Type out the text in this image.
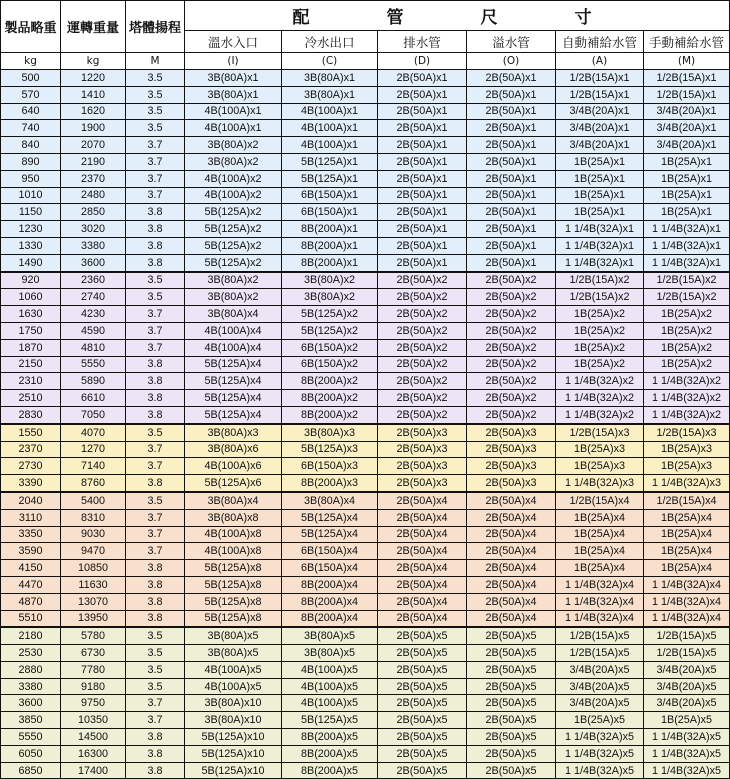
製品略重	運轉重量	塔體揚程	配　管　尺　寸					
			溫水入口	冷水出口	排水管	溢水管	自動補給水管	手動補給水管
kg	kg	M	(I)	(C)	(D)	(O)	(A)	(M)
500	1220	3.5	3B(80A)x1	3B(80A)x1	2B(50A)x1	2B(50A)x1	1/2B(15A)x1	1/2B(15A)x1
570	1410	3.5	3B(80A)x1	3B(80A)x1	2B(50A)x1	2B(50A)x1	1/2B(15A)x1	1/2B(15A)x1
640	1620	3.5	4B(100A)x1	4B(100A)x1	2B(50A)x1	2B(50A)x1	3/4B(20A)x1	3/4B(20A)x1
740	1900	3.5	4B(100A)x1	4B(100A)x1	2B(50A)x1	2B(50A)x1	3/4B(20A)x1	3/4B(20A)x1
840	2070	3.7	3B(80A)x2	4B(100A)x1	2B(50A)x1	2B(50A)x1	3/4B(20A)x1	3/4B(20A)x1
890	2190	3.7	3B(80A)x2	5B(125A)x1	2B(50A)x1	2B(50A)x1	1B(25A)x1	1B(25A)x1
950	2370	3.7	4B(100A)x2	5B(125A)x1	2B(50A)x1	2B(50A)x1	1B(25A)x1	1B(25A)x1
1010	2480	3.7	4B(100A)x2	6B(150A)x1	2B(50A)x1	2B(50A)x1	1B(25A)x1	1B(25A)x1
1150	2850	3.8	5B(125A)x2	6B(150A)x1	2B(50A)x1	2B(50A)x1	1B(25A)x1	1B(25A)x1
1230	3020	3.8	5B(125A)x2	8B(200A)x1	2B(50A)x1	2B(50A)x1	1 1/4B(32A)x1	1 1/4B(32A)x1
1330	3380	3.8	5B(125A)x2	8B(200A)x1	2B(50A)x1	2B(50A)x1	1 1/4B(32A)x1	1 1/4B(32A)x1
1490	3600	3.8	5B(125A)x2	8B(200A)x1	2B(50A)x1	2B(50A)x1	1 1/4B(32A)x1	1 1/4B(32A)x1
920	2360	3.5	3B(80A)x2	3B(80A)x2	2B(50A)x2	2B(50A)x2	1/2B(15A)x2	1/2B(15A)x2
1060	2740	3.5	3B(80A)x2	3B(80A)x2	2B(50A)x2	2B(50A)x2	1/2B(15A)x2	1/2B(15A)x2
1630	4230	3.7	3B(80A)x4	5B(125A)x2	2B(50A)x2	2B(50A)x2	1B(25A)x2	1B(25A)x2
1750	4590	3.7	4B(100A)x4	5B(125A)x2	2B(50A)x2	2B(50A)x2	1B(25A)x2	1B(25A)x2
1870	4810	3.7	4B(100A)x4	6B(150A)x2	2B(50A)x2	2B(50A)x2	1B(25A)x2	1B(25A)x2
2150	5550	3.8	5B(125A)x4	6B(150A)x2	2B(50A)x2	2B(50A)x2	1B(25A)x2	1B(25A)x2
2310	5890	3.8	5B(125A)x4	8B(200A)x2	2B(50A)x2	2B(50A)x2	1 1/4B(32A)x2	1 1/4B(32A)x2
2510	6610	3.8	5B(125A)x4	8B(200A)x2	2B(50A)x2	2B(50A)x2	1 1/4B(32A)x2	1 1/4B(32A)x2
2830	7050	3.8	5B(125A)x4	8B(200A)x2	2B(50A)x2	2B(50A)x2	1 1/4B(32A)x2	1 1/4B(32A)x2
1550	4070	3.5	3B(80A)x3	3B(80A)x3	2B(50A)x3	2B(50A)x3	1/2B(15A)x3	1/2B(15A)x3
2370	1270	3.7	3B(80A)x6	5B(125A)x3	2B(50A)x3	2B(50A)x3	1B(25A)x3	1B(25A)x3
2730	7140	3.7	4B(100A)x6	6B(150A)x3	2B(50A)x3	2B(50A)x3	1B(25A)x3	1B(25A)x3
3390	8760	3.8	5B(125A)x6	8B(200A)x3	2B(50A)x3	2B(50A)x3	1 1/4B(32A)x3	1 1/4B(32A)x3
2040	5400	3.5	3B(80A)x4	3B(80A)x4	2B(50A)x4	2B(50A)x4	1/2B(15A)x4	1/2B(15A)x4
3110	8310	3.7	3B(80A)x8	5B(125A)x4	2B(50A)x4	2B(50A)x4	1B(25A)x4	1B(25A)x4
3350	9030	3.7	4B(100A)x8	5B(125A)x4	2B(50A)x4	2B(50A)x4	1B(25A)x4	1B(25A)x4
3590	9470	3.7	4B(100A)x8	6B(150A)x4	2B(50A)x4	2B(50A)x4	1B(25A)x4	1B(25A)x4
4150	10850	3.8	5B(125A)x8	6B(150A)x4	2B(50A)x4	2B(50A)x4	1B(25A)x4	1B(25A)x4
4470	11630	3.8	5B(125A)x8	8B(200A)x4	2B(50A)x4	2B(50A)x4	1 1/4B(32A)x4	1 1/4B(32A)x4
4870	13070	3.8	5B(125A)x8	8B(200A)x4	2B(50A)x4	2B(50A)x4	1 1/4B(32A)x4	1 1/4B(32A)x4
5510	13950	3.8	5B(125A)x8	8B(200A)x4	2B(50A)x4	2B(50A)x4	1 1/4B(32A)x4	1 1/4B(32A)x4
2180	5780	3.5	3B(80A)x5	3B(80A)x5	2B(50A)x5	2B(50A)x5	1/2B(15A)x5	1/2B(15A)x5
2530	6730	3.5	3B(80A)x5	3B(80A)x5	2B(50A)x5	2B(50A)x5	1/2B(15A)x5	1/2B(15A)x5
2880	7780	3.5	4B(100A)x5	4B(100A)x5	2B(50A)x5	2B(50A)x5	3/4B(20A)x5	3/4B(20A)x5
3380	9180	3.5	4B(100A)x5	4B(100A)x5	2B(50A)x5	2B(50A)x5	3/4B(20A)x5	3/4B(20A)x5
3600	9750	3.7	3B(80A)x10	4B(100A)x5	2B(50A)x5	2B(50A)x5	3/4B(20A)x5	3/4B(20A)x5
3850	10350	3.7	3B(80A)x10	5B(125A)x5	2B(50A)x5	2B(50A)x5	1B(25A)x5	1B(25A)x5
5550	14500	3.8	5B(125A)x10	8B(200A)x5	2B(50A)x5	2B(50A)x5	1 1/4B(32A)x5	1 1/4B(32A)x5
6050	16300	3.8	5B(125A)x10	8B(200A)x5	2B(50A)x5	2B(50A)x5	1 1/4B(32A)x5	1 1/4B(32A)x5
6850	17400	3.8	5B(125A)x10	8B(200A)x5	2B(50A)x5	2B(50A)x5	1 1/4B(32A)x5	1 1/4B(32A)x5
